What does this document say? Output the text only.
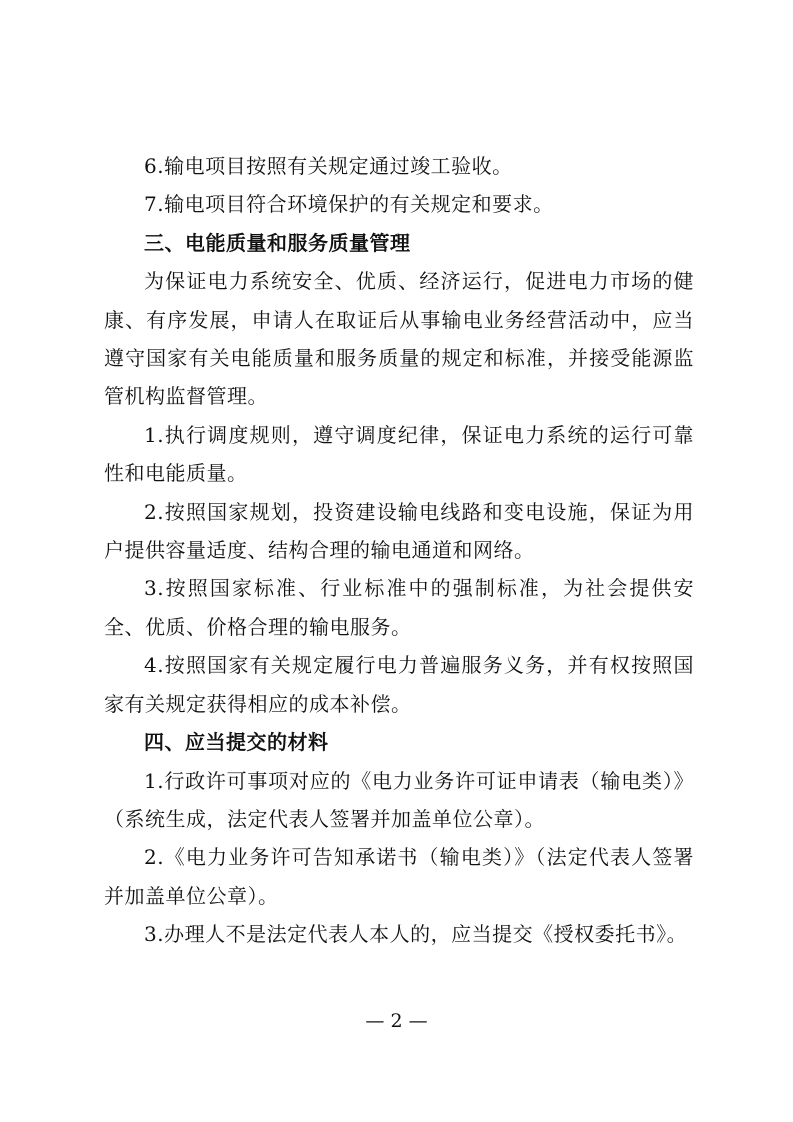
6.输电项目按照有关规定通过竣工验收。

7.输电项目符合环境保护的有关规定和要求。

三、电能质量和服务质量管理

为保证电力系统安全、优质、经济运行，促进电力市场的健康、有序发展，申请人在取证后从事输电业务经营活动中，应当遵守国家有关电能质量和服务质量的规定和标准，并接受能源监管机构监督管理。

1.执行调度规则，遵守调度纪律，保证电力系统的运行可靠性和电能质量。

2.按照国家规划，投资建设输电线路和变电设施，保证为用户提供容量适度、结构合理的输电通道和网络。

3.按照国家标准、行业标准中的强制标准，为社会提供安全、优质、价格合理的输电服务。

4.按照国家有关规定履行电力普遍服务义务，并有权按照国家有关规定获得相应的成本补偿。

四、应当提交的材料

1.行政许可事项对应的《电力业务许可证申请表（输电类）》（系统生成，法定代表人签署并加盖单位公章）。

2.《电力业务许可告知承诺书（输电类）》（法定代表人签署并加盖单位公章）。

3.办理人不是法定代表人本人的，应当提交《授权委托书》。

— 2 —
